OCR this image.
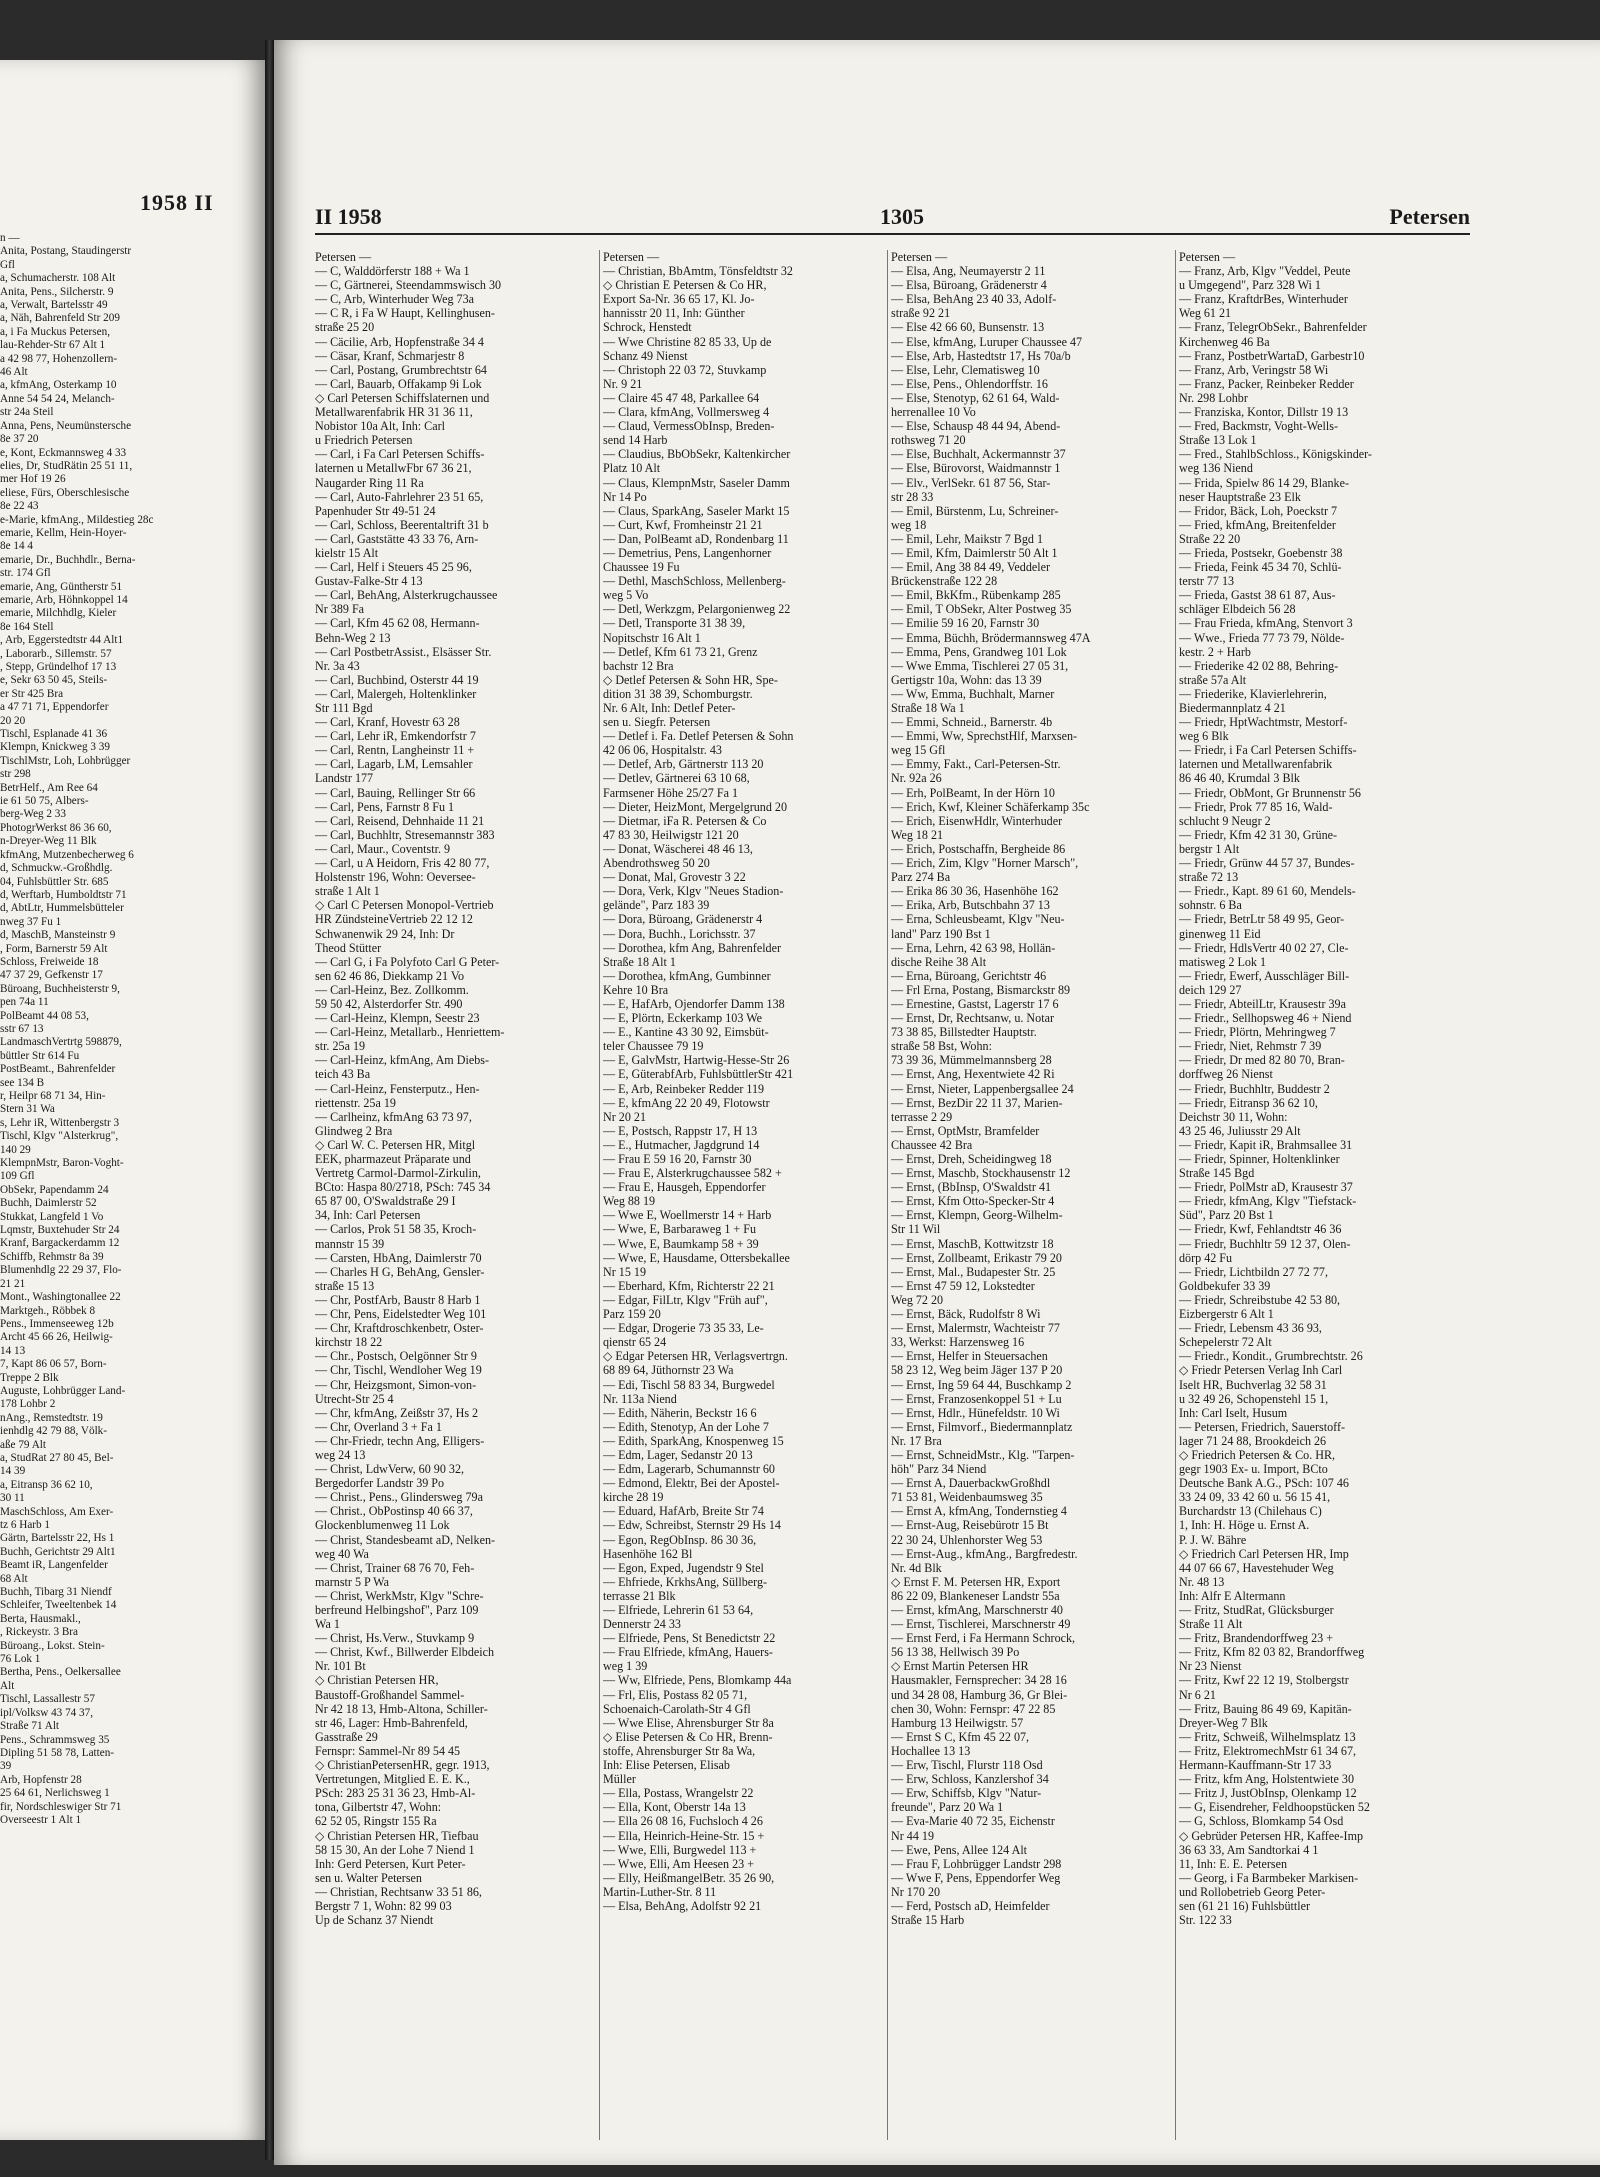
1958 II
n —
Anita, Postang, Staudingerstr
Gfl
a, Schumacherstr. 108 Alt
Anita, Pens., Silcherstr. 9
a, Verwalt, Bartelsstr 49
a, Näh, Bahrenfeld Str 209
a, i Fa Muckus Petersen,
lau-Rehder-Str 67 Alt 1
a 42 98 77, Hohenzollern-
46 Alt
a, kfmAng, Osterkamp 10
Anne 54 54 24, Melanch-
str 24a Steil
Anna, Pens, Neumünstersche
8e 37 20
e, Kont, Eckmannsweg 4 33
elies, Dr, StudRätin 25 51 11,
mer Hof 19 26
eliese, Fürs, Oberschlesische
8e 22 43
e-Marie, kfmAng., Mildestieg 28c
emarie, Kellm, Hein-Hoyer-
8e 14 4
emarie, Dr., Buchhdlr., Berna-
str. 174 Gfl
emarie, Ang, Güntherstr 51
emarie, Arb, Höhnkoppel 14
emarie, Milchhdlg, Kieler
8e 164 Stell
, Arb, Eggerstedtstr 44 Alt1
, Laborarb., Sillemstr. 57
, Stepp, Gründelhof 17 13
e, Sekr 63 50 45, Steils-
er Str 425 Bra
a 47 71 71, Eppendorfer
20 20
Tischl, Esplanade 41 36
Klempn, Knickweg 3 39
TischlMstr, Loh, Lohbrügger
str 298
BetrHelf., Am Ree 64
ie 61 50 75, Albers-
berg-Weg 2 33
PhotogrWerkst 86 36 60,
n-Dreyer-Weg 11 Blk
kfmAng, Mutzenbecherweg 6
d, Schmuckw.-Großhdlg.
04, Fuhlsbüttler Str. 685
d, Werftarb, Humboldtstr 71
d, AbtLtr, Hummelsbütteler
nweg 37 Fu 1
d, MaschB, Mansteinstr 9
, Form, Barnerstr 59 Alt
Schloss, Freiweide 18
47 37 29, Gefkenstr 17
Büroang, Buchheisterstr 9,
pen 74a 11
PolBeamt 44 08 53,
sstr 67 13
LandmaschVertrtg 598879,
büttler Str 614 Fu
PostBeamt., Bahrenfelder
see 134 B
r, Heilpr 68 71 34, Hin-
Stern 31 Wa
s, Lehr iR, Wittenbergstr 3
Tischl, Klgv "Alsterkrug",
140 29
KlempnMstr, Baron-Voght-
109 Gfl
ObSekr, Papendamm 24
Buchh, Daimlerstr 52
Stukkat, Langfeld 1 Vo
Lqmstr, Buxtehuder Str 24
Kranf, Bargackerdamm 12
Schiffb, Rehmstr 8a 39
Blumenhdlg 22 29 37, Flo-
21 21
Mont., Washingtonallee 22
Marktgeh., Röbbek 8
Pens., Immenseeweg 12b
Archt 45 66 26, Heilwig-
14 13
7, Kapt 86 06 57, Born-
Treppe 2 Blk
Auguste, Lohbrügger Land-
178 Lohbr 2
nAng., Remstedtstr. 19
ienhdlg 42 79 88, Völk-
aße 79 Alt
a, StudRat 27 80 45, Bel-
14 39
a, Eitransp 36 62 10,
30 11
MaschSchloss, Am Exer-
tz 6 Harb 1
Gärtn, Bartelsstr 22, Hs 1
Buchh, Gerichtstr 29 Alt1
Beamt iR, Langenfelder
68 Alt
Buchh, Tibarg 31 Niendf
Schleifer, Tweeltenbek 14
Berta, Hausmakl.,
, Rickeystr. 3 Bra
Büroang., Lokst. Stein-
76 Lok 1
Bertha, Pens., Oelkersallee
Alt
Tischl, Lassallestr 57
ipl/Volksw 43 74 37,
Straße 71 Alt
Pens., Schrammsweg 35
Dipling 51 58 78, Latten-
39
Arb, Hopfenstr 28
25 64 61, Nerlichsweg 1
fir, Nordschleswiger Str 71
Overseestr 1 Alt 1
II 1958	1305	Petersen
Petersen —
— C, Walddörferstr 188 + Wa 1
— C, Gärtnerei, Steendammswisch 30
— C, Arb, Winterhuder Weg 73a
— C R, i Fa W Haupt, Kellinghusen-
straße 25 20
— Cäcilie, Arb, Hopfenstraße 34 4
— Cäsar, Kranf, Schmarjestr 8
— Carl, Postang, Grumbrechtstr 64
— Carl, Bauarb, Offakamp 9i Lok
◇ Carl Petersen Schiffslaternen und
Metallwarenfabrik HR 31 36 11,
Nobistor 10a Alt, Inh: Carl
u Friedrich Petersen
— Carl, i Fa Carl Petersen Schiffs-
laternen u MetallwFbr 67 36 21,
Naugarder Ring 11 Ra
— Carl, Auto-Fahrlehrer 23 51 65,
Papenhuder Str 49-51 24
— Carl, Schloss, Beerentaltrift 31 b
— Carl, Gaststätte 43 33 76, Arn-
kielstr 15 Alt
— Carl, Helf i Steuers 45 25 96,
Gustav-Falke-Str 4 13
— Carl, BehAng, Alsterkrugchaussee
Nr 389 Fa
— Carl, Kfm 45 62 08, Hermann-
Behn-Weg 2 13
— Carl PostbetrAssist., Elsässer Str.
Nr. 3a 43
— Carl, Buchbind, Osterstr 44 19
— Carl, Malergeh, Holtenklinker
Str 111 Bgd
— Carl, Kranf, Hovestr 63 28
— Carl, Lehr iR, Emkendorfstr 7
— Carl, Rentn, Langheinstr 11 +
— Carl, Lagarb, LM, Lemsahler
Landstr 177
— Carl, Bauing, Rellinger Str 66
— Carl, Pens, Farnstr 8 Fu 1
— Carl, Reisend, Dehnhaide 11 21
— Carl, Buchhltr, Stresemannstr 383
— Carl, Maur., Coventstr. 9
— Carl, u A Heidorn, Fris 42 80 77,
Holstenstr 196, Wohn: Oeverseе-
straße 1 Alt 1
◇ Carl C Petersen Monopol-Vertrieb
HR ZündsteineVertrieb 22 12 12
Schwanenwik 29 24, Inh: Dr
Theod Stütter
— Carl G, i Fa Polyfoto Carl G Peter-
sen 62 46 86, Diekkamp 21 Vo
— Carl-Heinz, Bez. Zollkomm.
59 50 42, Alsterdorfer Str. 490
— Carl-Heinz, Klempn, Seestr 23
— Carl-Heinz, Metallarb., Henriettem-
str. 25a 19
— Carl-Heinz, kfmAng, Am Diebs-
teich 43 Ba
— Carl-Heinz, Fensterputz., Hen-
riettenstr. 25a 19
— Carlheinz, kfmAng 63 73 97,
Glindweg 2 Bra
◇ Carl W. C. Petersen HR, Mitgl
EEK, pharmazeut Präparate und
Vertretg Carmol-Darmol-Zirkulin,
BCto: Haspa 80/2718, PSch: 745 34
65 87 00, O'Swaldstraße 29 I
34, Inh: Carl Petersen
— Carlos, Prok 51 58 35, Kroch-
mannstr 15 39
— Carsten, HbAng, Daimlerstr 70
— Charles H G, BehAng, Genslеr-
straße 15 13
— Chr, PostfArb, Baustr 8 Harb 1
— Chr, Pens, Eidelstedter Weg 101
— Chr, Kraftdroschkenbetr, Oster-
kirchstr 18 22
— Chr., Postsch, Oelgönner Str 9
— Chr, Tischl, Wendloher Weg 19
— Chr, Heizgsmont, Simon-von-
Utrecht-Str 25 4
— Chr, kfmAng, Zeißstr 37, Hs 2
— Chr, Overland 3 + Fa 1
— Chr-Friedr, techn Ang, Elligers-
weg 24 13
— Christ, LdwVerw, 60 90 32,
Bergedorfer Landstr 39 Po
— Christ., Pens., Glindersweg 79a
— Christ., ObPostinsp 40 66 37,
Glockenblumenweg 11 Lok
— Christ, Standesbeamt aD, Nelken-
weg 40 Wa
— Christ, Trainer 68 76 70, Feh-
marnstr 5 P Wa
— Christ, WerkMstr, Klgv "Schre-
berfreund Helbingshof", Parz 109
Wa 1
— Christ, Hs.Verw., Stuvkamp 9
— Christ, Kwf., Billwerder Elbdeich
Nr. 101 Bt
◇ Christian Petersen HR,
Baustoff-Großhandel Sammel-
Nr 42 18 13, Hmb-Altona, Schiller-
str 46, Lager: Hmb-Bahrenfeld,
Gasstraße 29
Fernspr: Sammel-Nr 89 54 45
◇ ChristianPetersenHR, gegr. 1913,
Vertretungen, Mitglied E. E. K.,
PSch: 283 25 31 36 23, Hmb-Al-
tona, Gilbertstr 47, Wohn:
62 52 05, Ringstr 155 Ra
◇ Christian Petersen HR, Tiefbau
58 15 30, An der Lohe 7 Niend 1
Inh: Gerd Petersen, Kurt Peter-
sen u. Walter Petersen
— Christian, Rechtsanw 33 51 86,
Bergstr 7 1, Wohn: 82 99 03
Up de Schanz 37 Niendt
Petersen —
— Christian, BbAmtm, Tönsfeldtstr 32
◇ Christian E Petersen & Co HR,
Export Sa-Nr. 36 65 17, Kl. Jo-
hannisstr 20 11, Inh: Günther
Schrock, Henstedt
— Wwe Christine 82 85 33, Up de
Schanz 49 Nienst
— Christoph 22 03 72, Stuvkamp
Nr. 9 21
— Claire 45 47 48, Parkallee 64
— Clara, kfmAng, Vollmersweg 4
— Claud, VermessObInsp, Breden-
send 14 Harb
— Claudius, BbObSekr, Kaltenkircher
Platz 10 Alt
— Claus, KlempnMstr, Saseler Damm
Nr 14 Po
— Claus, SparkAng, Saseler Markt 15
— Curt, Kwf, Fromheinstr 21 21
— Dan, PolBeamt aD, Rondenbarg 11
— Demetrius, Pens, Langenhorner
Chaussee 19 Fu
— Dethl, MaschSchloss, Mellenberg-
weg 5 Vo
— Detl, Werkzgm, Pelargonienweg 22
— Detl, Transporte 31 38 39,
Nopitschstr 16 Alt 1
— Detlef, Kfm 61 73 21, Grenz
bachstr 12 Bra
◇ Detlef Petersen & Sohn HR, Spe-
dition 31 38 39, Schomburgstr.
Nr. 6 Alt, Inh: Detlef Peter-
sen u. Siegfr. Petersen
— Detlef i. Fa. Detlef Petersen & Sohn
42 06 06, Hospitalstr. 43
— Detlef, Arb, Gärtnerstr 113 20
— Detlev, Gärtnerei 63 10 68,
Farmsener Höhe 25/27 Fa 1
— Dieter, HeizMont, Mergelgrund 20
— Dietmar, iFa R. Petersen & Co
47 83 30, Heilwigstr 121 20
— Donat, Wäscherei 48 46 13,
Abendrothsweg 50 20
— Donat, Mal, Grovestr 3 22
— Dora, Verk, Klgv "Neues Stadion-
gelände", Parz 183 39
— Dora, Büroang, Grädenerstr 4
— Dora, Buchh., Lorichsstr. 37
— Dorothea, kfm Ang, Bahrenfelder
Straße 18 Alt 1
— Dorothea, kfmAng, Gumbinner
Kehre 10 Bra
— E, HafArb, Ojendorfer Damm 138
— E, Plörtn, Eckerkamp 103 We
— E., Kantine 43 30 92, Eimsbüt-
teler Chaussee 79 19
— E, GalvMstr, Hartwig-Hesse-Str 26
— E, GüterabfArb, FuhlsbüttlerStr 421
— E, Arb, Reinbeker Redder 119
— E, kfmAng 22 20 49, Flotowstr
Nr 20 21
— E, Postsch, Rappstr 17, H 13
— E., Hutmacher, Jagdgrund 14
— Frau E 59 16 20, Farnstr 30
— Frau E, Alsterkrugchaussee 582 +
— Frau E, Hausgeh, Eppendorfer
Weg 88 19
— Wwe E, Woellmerstr 14 + Harb
— Wwe, E, Barbaraweg 1 + Fu
— Wwe, E, Baumkamp 58 + 39
— Wwe, E, Hausdame, Ottersbekallee
Nr 15 19
— Eberhard, Kfm, Richterstr 22 21
— Edgar, FilLtr, Klgv "Früh auf",
Parz 159 20
— Edgar, Drogerie 73 35 33, Le-
qienstr 65 24
◇ Edgar Petersen HR, Verlagsvertrgn.
68 89 64, Jüthornstr 23 Wa
— Edi, Tischl 58 83 34, Burgwedel
Nr. 113a Niend
— Edith, Näherin, Beckstr 16 6
— Edith, Stenotyp, An der Lohe 7
— Edith, SparkAng, Knospenweg 15
— Edm, Lager, Sedanstr 20 13
— Edm, Lagerarb, Schumannstr 60
— Edmond, Elektr, Bei der Apostel-
kirche 28 19
— Eduard, HafArb, Breite Str 74
— Edw, Schreibst, Sternstr 29 Hs 14
— Egon, RegObInsp. 86 30 36,
Hasenhöhe 162 Bl
— Egon, Exped, Jugendstr 9 Stel
— Ehfriede, KrkhsAng, Süllberg-
terrasse 21 Blk
— Elfriede, Lehrerin 61 53 64,
Dennerstr 24 33
— Elfriede, Pens, St Benedictstr 22
— Frau Elfriede, kfmAng, Hauers-
weg 1 39
— Ww, Elfriede, Pens, Blomkamp 44a
— Frl, Elis, Postass 82 05 71,
Schoenaich-Carolath-Str 4 Gfl
— Wwe Elise, Ahrensburger Str 8a
◇ Elise Petersen & Co HR, Brenn-
stoffe, Ahrensburger Str 8a Wa,
Inh: Elise Petersen, Elisab
Müller
— Ella, Postass, Wrangelstr 22
— Ella, Kont, Oberstr 14a 13
— Ella 26 08 16, Fuchsloch 4 26
— Ella, Heinrich-Heine-Str. 15 +
— Wwe, Elli, Burgwedel 113 +
— Wwe, Elli, Am Heesen 23 +
— Elly, HeißmangelBetr. 35 26 90,
Martin-Luther-Str. 8 11
— Elsa, BehAng, Adolfstr 92 21
Petersen —
— Elsa, Ang, Neumayerstr 2 11
— Elsa, Büroang, Grädenerstr 4
— Elsa, BehAng 23 40 33, Adolf-
straße 92 21
— Else 42 66 60, Bunsenstr. 13
— Else, kfmAng, Luruper Chaussee 47
— Else, Arb, Hastedtstr 17, Hs 70a/b
— Else, Lehr, Clematisweg 10
— Else, Pens., Ohlendorffstr. 16
— Else, Stenotyp, 62 61 64, Wald-
herrenallee 10 Vo
— Else, Schausp 48 44 94, Abend-
rothsweg 71 20
— Else, Buchhalt, Ackermannstr 37
— Else, Bürovorst, Waidmannstr 1
— Elv., VerlSekr. 61 87 56, Star-
str 28 33
— Emil, Bürstenm, Lu, Schreiner-
weg 18
— Emil, Lehr, Maikstr 7 Bgd 1
— Emil, Kfm, Daimlerstr 50 Alt 1
— Emil, Ang 38 84 49, Veddeler
Brückenstraße 122 28
— Emil, BkKfm., Rübenkamp 285
— Emil, T ObSekr, Alter Postweg 35
— Emilie 59 16 20, Farnstr 30
— Emma, Büchh, Brödermannsweg 47A
— Emma, Pens, Grandweg 101 Lok
— Wwe Emma, Tischlerei 27 05 31,
Gertigstr 10a, Wohn: das 13 39
— Ww, Emma, Buchhalt, Marner
Straße 18 Wa 1
— Emmi, Schneid., Barnerstr. 4b
— Emmi, Ww, SprechstHlf, Marxsen-
weg 15 Gfl
— Emmy, Fakt., Carl-Petersen-Str.
Nr. 92a 26
— Erh, PolBeamt, In der Hörn 10
— Erich, Kwf, Kleiner Schäferkamp 35c
— Erich, EisenwHdlr, Winterhuder
Weg 18 21
— Erich, Postschaffn, Bergheide 86
— Erich, Zim, Klgv "Horner Marsch",
Parz 274 Ba
— Erika 86 30 36, Hasenhöhe 162
— Erika, Arb, Butschbahn 37 13
— Erna, Schleusbeamt, Klgv "Neu-
land" Parz 190 Bst 1
— Erna, Lehrn, 42 63 98, Hollän-
dische Reihe 38 Alt
— Erna, Büroang, Gerichtstr 46
— Frl Erna, Postang, Bismarckstr 89
— Ernestine, Gastst, Lagerstr 17 6
— Ernst, Dr, Rechtsanw, u. Notar
73 38 85, Billstedter Hauptstr.
straße 58 Bst, Wohn:
73 39 36, Mümmelmannsberg 28
— Ernst, Ang, Hexentwiete 42 Ri
— Ernst, Nieter, Lappenbergsallee 24
— Ernst, BezDir 22 11 37, Marien-
terrasse 2 29
— Ernst, OptMstr, Bramfelder
Chaussee 42 Bra
— Ernst, Dreh, Scheidingweg 18
— Ernst, Maschb, Stockhausenstr 12
— Ernst, (BbInsp, O'Swaldstr 41
— Ernst, Kfm Otto-Specker-Str 4
— Ernst, Klempn, Georg-Wilhelm-
Str 11 Wil
— Ernst, MaschB, Kottwitzstr 18
— Ernst, Zollbeamt, Erikastr 79 20
— Ernst, Mal., Budapester Str. 25
— Ernst 47 59 12, Lokstedter
Weg 72 20
— Ernst, Bäck, Rudolfstr 8 Wi
— Ernst, Malermstr, Wachteistr 77
33, Werkst: Harzensweg 16
— Ernst, Helfer in Steuersachen
58 23 12, Weg beim Jäger 137 P 20
— Ernst, Ing 59 64 44, Buschkamp 2
— Ernst, Franzosenkoppel 51 + Lu
— Ernst, Hdlr., Hünefeldstr. 10 Wi
— Ernst, Filmvorf., Biedermannplatz
Nr. 17 Bra
— Ernst, SchneidMstr., Klg. "Tarpen-
höh" Parz 34 Niend
— Ernst A, DauerbackwGroßhdl
71 53 81, Weidenbaumsweg 35
— Ernst A, kfmAng, Tondernstieg 4
— Ernst-Aug, Reisebürotr 15 Bt
22 30 24, Uhlenhorster Weg 53
— Ernst-Aug., kfmAng., Bargfredestr.
Nr. 4d Blk
◇ Ernst F. M. Petersen HR, Export
86 22 09, Blankeneser Landstr 55a
— Ernst, kfmAng, Marschnerstr 40
— Ernst, Tischlerei, Marschnerstr 49
— Ernst Ferd, i Fa Hermann Schrock,
56 13 38, Hellwisch 39 Po
◇ Ernst Martin Petersen HR
Hausmakler, Fernsprecher: 34 28 16
und 34 28 08, Hamburg 36, Gr Blei-
chen 30, Wohn: Fernspr: 47 22 85
Hamburg 13 Heilwigstr. 57
— Ernst S C, Kfm 45 22 07,
Hochallee 13 13
— Erw, Tischl, Flurstr 118 Osd
— Erw, Schloss, Kanzlershof 34
— Erw, Schiffsb, Klgv "Natur-
freunde", Parz 20 Wa 1
— Eva-Marie 40 72 35, Eichenstr
Nr 44 19
— Ewe, Pens, Allee 124 Alt
— Frau F, Lohbrügger Landstr 298
— Wwe F, Pens, Eppendorfer Weg
Nr 170 20
— Ferd, Postsch aD, Heimfelder
Straße 15 Harb
Petersen —
— Franz, Arb, Klgv "Veddel, Peute
u Umgegend", Parz 328 Wi 1
— Franz, KraftdrBes, Winterhuder
Weg 61 21
— Franz, TelegrObSekr., Bahrenfelder
Kirchenweg 46 Ba
— Franz, PostbetrWartaD, Garbestr10
— Franz, Arb, Veringstr 58 Wi
— Franz, Packer, Reinbeker Redder
Nr. 298 Lohbr
— Franziska, Kontor, Dillstr 19 13
— Fred, Backmstr, Voght-Wells-
Straße 13 Lok 1
— Fred., StahlbSchloss., Königskinder-
weg 136 Niend
— Frida, Spielw 86 14 29, Blanke-
neser Hauptstraße 23 Elk
— Fridor, Bäck, Loh, Poeckstr 7
— Fried, kfmAng, Breitenfelder
Straße 22 20
— Frieda, Postsekr, Goebenstr 38
— Frieda, Feink 45 34 70, Schlü-
terstr 77 13
— Frieda, Gastst 38 61 87, Aus-
schläger Elbdeich 56 28
— Frau Frieda, kfmAng, Stenvort 3
— Wwe., Frieda 77 73 79, Nölde-
kestr. 2 + Harb
— Friederike 42 02 88, Behring-
straße 57a Alt
— Friederike, Klavierlehrerin,
Biedermannplatz 4 21
— Friedr, HptWachtmstr, Mestorf-
weg 6 Blk
— Friedr, i Fa Carl Petersen Schiffs-
laternen und Metallwarenfabrik
86 46 40, Krumdal 3 Blk
— Friedr, ObMont, Gr Brunnenstr 56
— Friedr, Prok 77 85 16, Wald-
schlucht 9 Neugr 2
— Friedr, Kfm 42 31 30, Grüne-
bergstr 1 Alt
— Friedr, Grünw 44 57 37, Bundes-
straße 72 13
— Friedr., Kapt. 89 61 60, Mendels-
sohnstr. 6 Ba
— Friedr, BetrLtr 58 49 95, Geor-
ginenweg 11 Eid
— Friedr, HdlsVertr 40 02 27, Cle-
matisweg 2 Lok 1
— Friedr, Ewerf, Ausschläger Bill-
deich 129 27
— Friedr, AbteilLtr, Krausestr 39a
— Friedr., Sellhopsweg 46 + Niend
— Friedr, Plörtn, Mehringweg 7
— Friedr, Niet, Rehmstr 7 39
— Friedr, Dr med 82 80 70, Bran-
dorffweg 26 Nienst
— Friedr, Buchhltr, Buddestr 2
— Friedr, Eitransp 36 62 10,
Deichstr 30 11, Wohn:
43 25 46, Juliusstr 29 Alt
— Friedr, Kapit iR, Brahmsallee 31
— Friedr, Spinner, Holtenklinker
Straße 145 Bgd
— Friedr, PolMstr aD, Krausestr 37
— Friedr, kfmAng, Klgv "Tiefstack-
Süd", Parz 20 Bst 1
— Friedr, Kwf, Fehlandtstr 46 36
— Friedr, Buchhltr 59 12 37, Olen-
dörp 42 Fu
— Friedr, Lichtbildn 27 72 77,
Goldbekufer 33 39
— Friedr, Schreibstube 42 53 80,
Eizbergerstr 6 Alt 1
— Friedr, Lebensm 43 36 93,
Schepelerstr 72 Alt
— Friedr., Kondit., Grumbrechtstr. 26
◇ Friedr Petersen Verlag Inh Carl
Iselt HR, Buchverlag 32 58 31
u 32 49 26, Schopenstehl 15 1,
Inh: Carl Iselt, Husum
— Petersen, Friedrich, Sauerstoff-
lager 71 24 88, Brookdeich 26
◇ Friedrich Petersen & Co. HR,
gegr 1903 Ex- u. Import, BCto
Deutsche Bank A.G., PSch: 107 46
33 24 09, 33 42 60 u. 56 15 41,
Burchardstr 13 (Chilehaus C)
1, Inh: H. Höge u. Ernst A.
P. J. W. Bähre
◇ Friedrich Carl Petersen HR, Imp
44 07 66 67, Havestehuder Weg
Nr. 48 13
Inh: Alfr E Altermann
— Fritz, StudRat, Glücksburger
Straße 11 Alt
— Fritz, Brandendorffweg 23 +
— Fritz, Kfm 82 03 82, Brandorffweg
Nr 23 Nienst
— Fritz, Kwf 22 12 19, Stolbergstr
Nr 6 21
— Fritz, Bauing 86 49 69, Kapitän-
Dreyer-Weg 7 Blk
— Fritz, Schweiß, Wilhelmsplatz 13
— Fritz, ElektromechMstr 61 34 67,
Hermann-Kauffmann-Str 17 33
— Fritz, kfm Ang, Holstentwiete 30
— Fritz J, JustObInsp, Olenkamp 12
— G, Eisendreher, Feldhoopstücken 52
— G, Schloss, Blomkamp 54 Osd
◇ Gebrüder Petersen HR, Kaffee-Imp
36 63 33, Am Sandtorkai 4 1
11, Inh: E. E. Petersen
— Georg, i Fa Barmbeker Markisen-
und Rollobetrieb Georg Peter-
sen (61 21 16) Fuhlsbüttler
Str. 122 33
